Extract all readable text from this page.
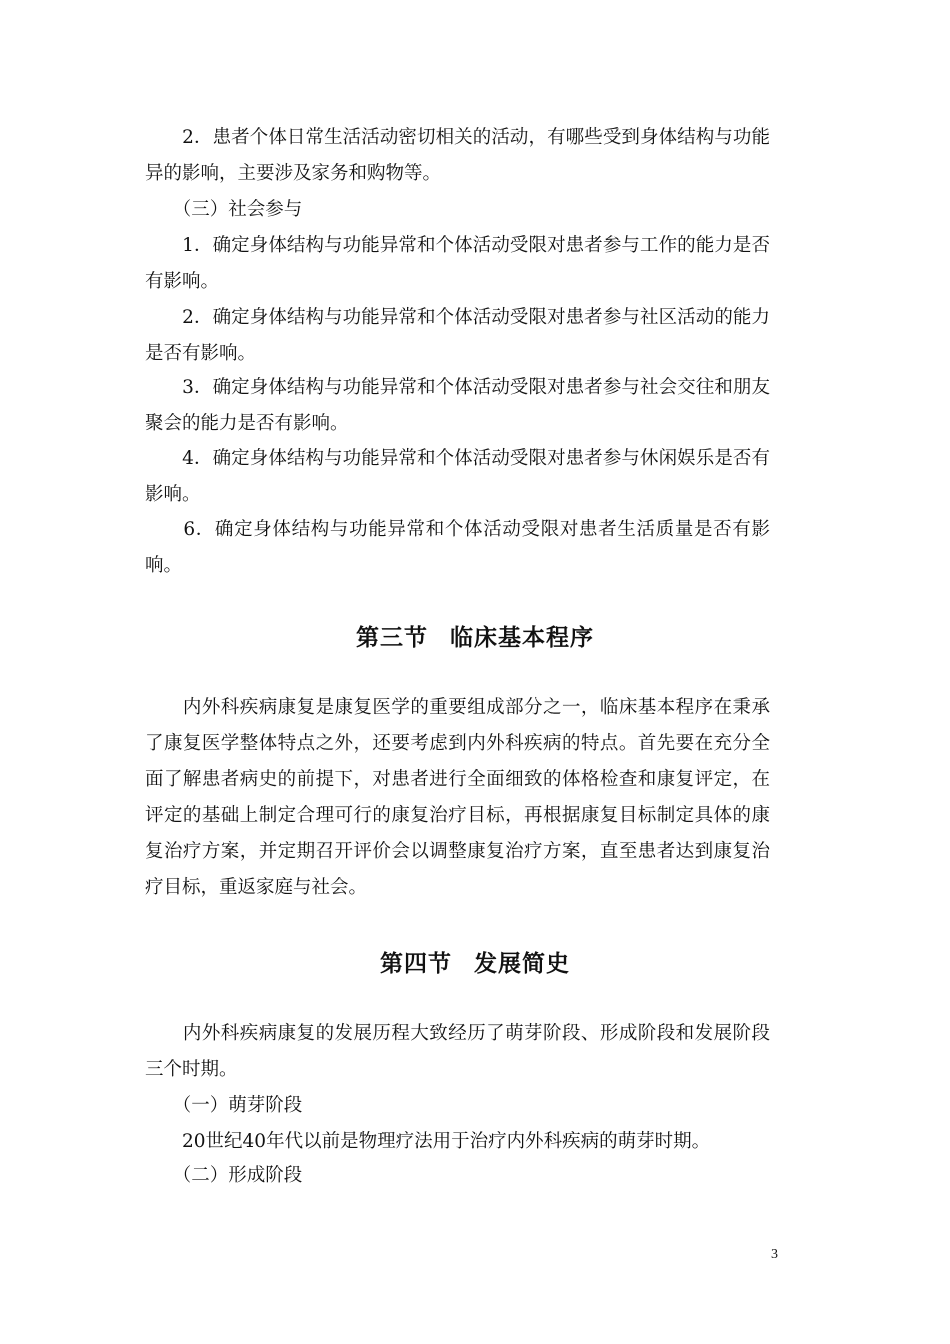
　　2．患者个体日常生活活动密切相关的活动，有哪些受到身体结构与功能异的影响，主要涉及家务和购物等。

　　（三）社会参与

　　1．确定身体结构与功能异常和个体活动受限对患者参与工作的能力是否有影响。

　　2．确定身体结构与功能异常和个体活动受限对患者参与社区活动的能力是否有影响。

　　3．确定身体结构与功能异常和个体活动受限对患者参与社会交往和朋友聚会的能力是否有影响。

　　4．确定身体结构与功能异常和个体活动受限对患者参与休闲娱乐是否有影响。

　　6．确定身体结构与功能异常和个体活动受限对患者生活质量是否有影响。

第三节 临床基本程序

　　内外科疾病康复是康复医学的重要组成部分之一，临床基本程序在秉承了康复医学整体特点之外，还要考虑到内外科疾病的特点。首先要在充分全面了解患者病史的前提下，对患者进行全面细致的体格检查和康复评定，在评定的基础上制定合理可行的康复治疗目标，再根据康复目标制定具体的康复治疗方案，并定期召开评价会以调整康复治疗方案，直至患者达到康复治疗目标，重返家庭与社会。

第四节 发展简史

　　内外科疾病康复的发展历程大致经历了萌芽阶段、形成阶段和发展阶段三个时期。

　　（一）萌芽阶段

　　20世纪40年代以前是物理疗法用于治疗内外科疾病的萌芽时期。

　　（二）形成阶段

3
